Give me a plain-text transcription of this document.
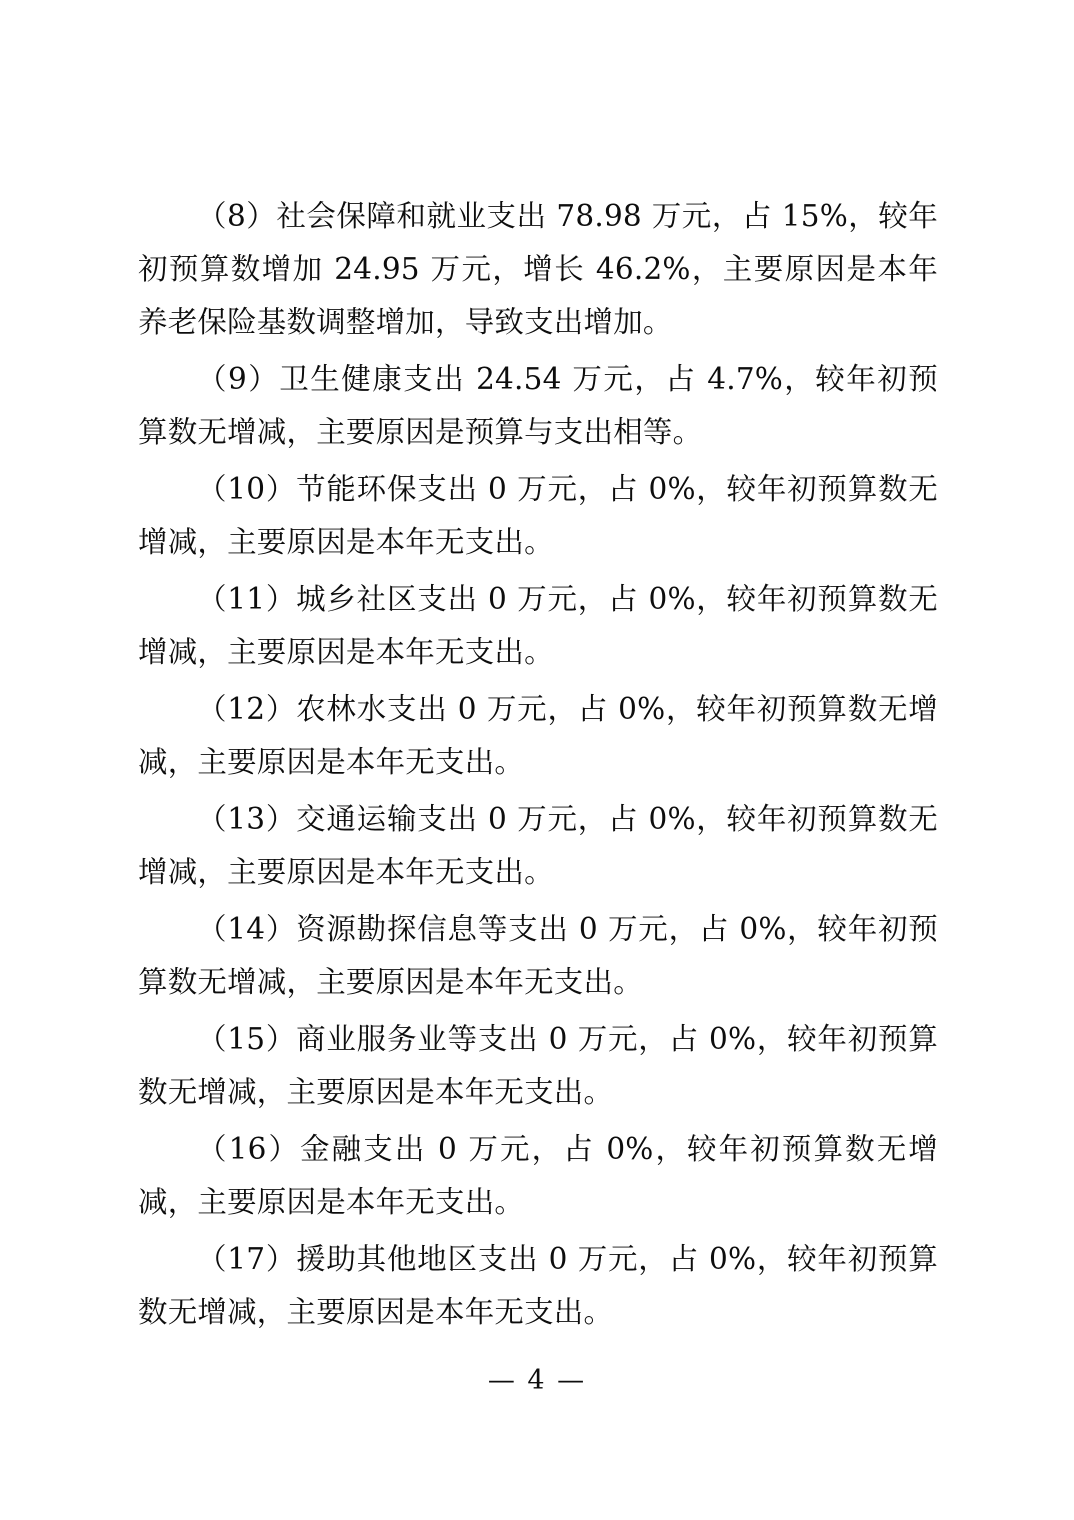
（8）社会保障和就业支出 78.98 万元，占 15%，较年初预算数增加 24.95 万元，增长 46.2%，主要原因是本年养老保险基数调整增加，导致支出增加。

（9）卫生健康支出 24.54 万元，占 4.7%，较年初预算数无增减，主要原因是预算与支出相等。

（10）节能环保支出 0 万元，占 0%，较年初预算数无增减，主要原因是本年无支出。

（11）城乡社区支出 0 万元，占 0%，较年初预算数无增减，主要原因是本年无支出。

（12）农林水支出 0 万元，占 0%，较年初预算数无增减，主要原因是本年无支出。

（13）交通运输支出 0 万元，占 0%，较年初预算数无增减，主要原因是本年无支出。

（14）资源勘探信息等支出 0 万元，占 0%，较年初预算数无增减，主要原因是本年无支出。

（15）商业服务业等支出 0 万元，占 0%，较年初预算数无增减，主要原因是本年无支出。

（16）金融支出 0 万元，占 0%，较年初预算数无增减，主要原因是本年无支出。

（17）援助其他地区支出 0 万元，占 0%，较年初预算数无增减，主要原因是本年无支出。

— 4 —
